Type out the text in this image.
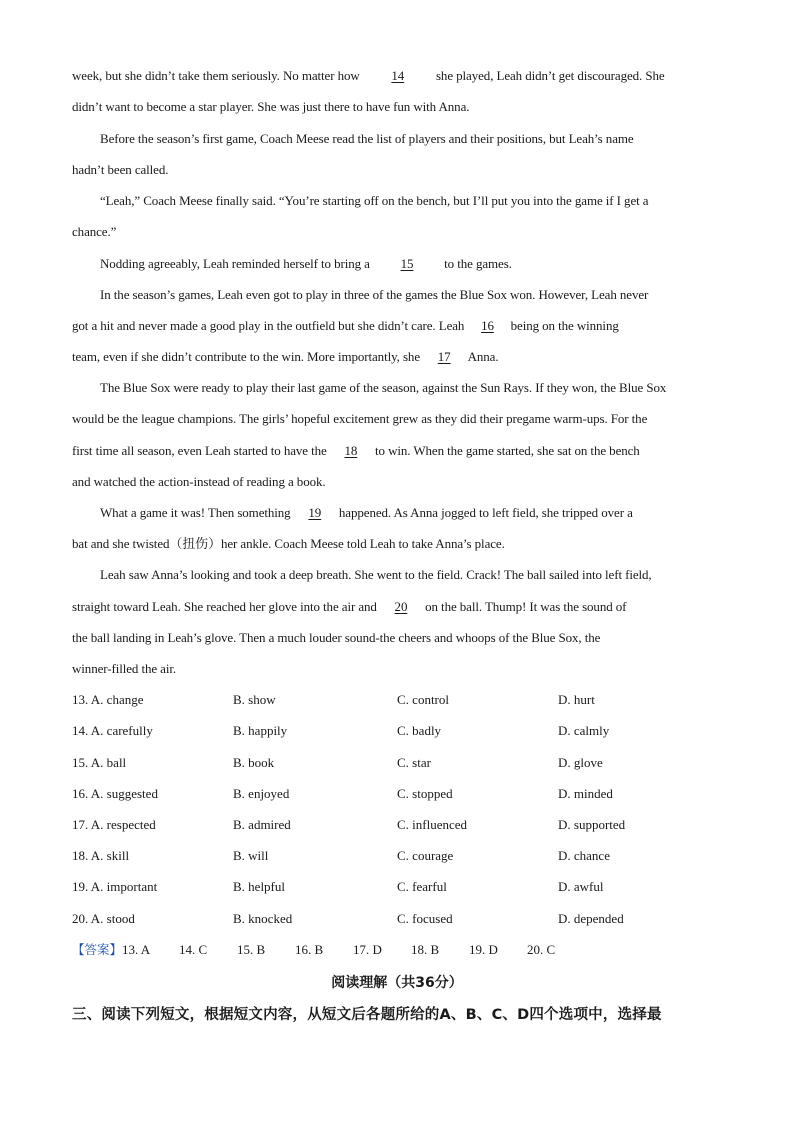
week, but she didn’t take them seriously. No matter how 14 she played, Leah didn’t get discouraged. She
didn’t want to become a star player. She was just there to have fun with Anna.
Before the season’s first game, Coach Meese read the list of players and their positions, but Leah’s name
hadn’t been called.
“Leah,” Coach Meese finally said. “You’re starting off on the bench, but I’ll put you into the game if I get a
chance.”
Nodding agreeably, Leah reminded herself to bring a 15 to the games.
In the season’s games, Leah even got to play in three of the games the Blue Sox won. However, Leah never
got a hit and never made a good play in the outfield but she didn’t care. Leah 16 being on the winning
team, even if she didn’t contribute to the win. More importantly, she 17 Anna.
The Blue Sox were ready to play their last game of the season, against the Sun Rays. If they won, the Blue Sox
would be the league champions. The girls’ hopeful excitement grew as they did their pregame warm-ups. For the
first time all season, even Leah started to have the 18 to win. When the game started, she sat on the bench
and watched the action-instead of reading a book.
What a game it was! Then something 19 happened. As Anna jogged to left field, she tripped over a
bat and she twisted（扭伤）her ankle. Coach Meese told Leah to take Anna’s place.
Leah saw Anna’s looking and took a deep breath. She went to the field. Crack! The ball sailed into left field,
straight toward Leah. She reached her glove into the air and 20 on the ball. Thump! It was the sound of
the ball landing in Leah’s glove. Then a much louder sound-the cheers and whoops of the Blue Sox, the
winner-filled the air.
13. A. change	B. show	C. control	D. hurt
14. A. carefully	B. happily	C. badly	D. calmly
15. A. ball	B. book	C. star	D. glove
16. A. suggested	B. enjoyed	C. stopped	D. minded
17. A. respected	B. admired	C. influenced	D. supported
18. A. skill	B. will	C. courage	D. chance
19. A. important	B. helpful	C. fearful	D. awful
20. A. stood	B. knocked	C. focused	D. depended
【答案】13. A 14. C 15. B 16. B 17. D 18. B 19. D 20. C
阅读理解（共36分）
三、阅读下列短文，根据短文内容，从短文后各题所给的A、B、C、D四个选项中，选择最
